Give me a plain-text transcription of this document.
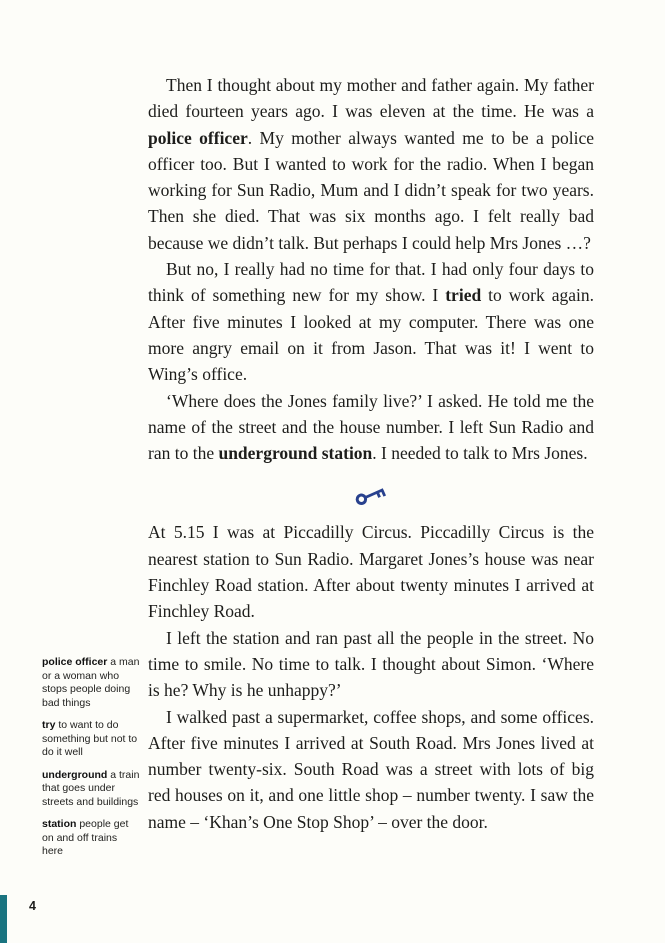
Then I thought about my mother and father again. My father died fourteen years ago. I was eleven at the time. He was a police officer. My mother always wanted me to be a police officer too. But I wanted to work for the radio. When I began working for Sun Radio, Mum and I didn’t speak for two years. Then she died. That was six months ago. I felt really bad because we didn’t talk. But perhaps I could help Mrs Jones …?

But no, I really had no time for that. I had only four days to think of something new for my show. I tried to work again. After five minutes I looked at my computer. There was one more angry email on it from Jason. That was it! I went to Wing’s office.

‘Where does the Jones family live?’ I asked. He told me the name of the street and the house number. I left Sun Radio and ran to the underground station. I needed to talk to Mrs Jones.

At 5.15 I was at Piccadilly Circus. Piccadilly Circus is the nearest station to Sun Radio. Margaret Jones’s house was near Finchley Road station. After about twenty minutes I arrived at Finchley Road.

I left the station and ran past all the people in the street. No time to smile. No time to talk. I thought about Simon. ‘Where is he? Why is he unhappy?’

I walked past a supermarket, coffee shops, and some offices. After five minutes I arrived at South Road. Mrs Jones lived at number twenty-six. South Road was a street with lots of big red houses on it, and one little shop – number twenty. I saw the name – ‘Khan’s One Stop Shop’ – over the door.

police officer a man or a woman who stops people doing bad things
try to want to do something but not to do it well
underground a train that goes under streets and buildings
station people get on and off trains here
4
